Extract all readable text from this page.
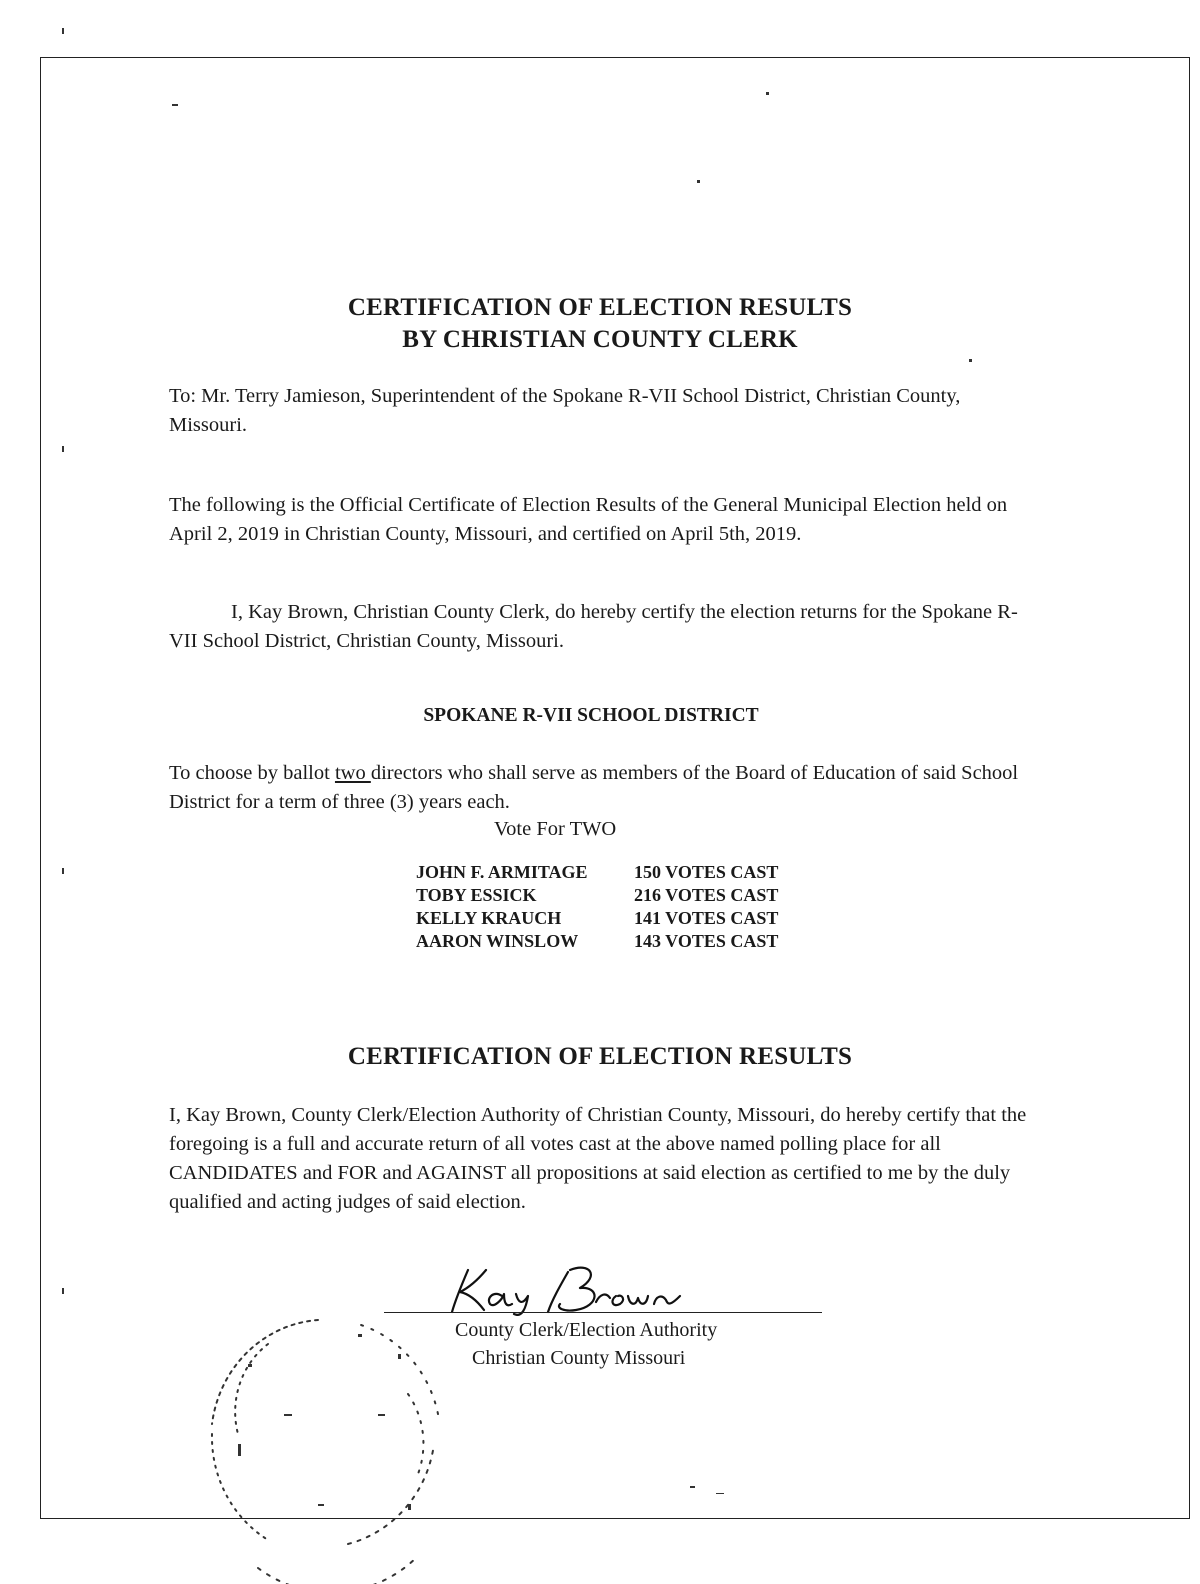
CERTIFICATION OF ELECTION RESULTS
BY CHRISTIAN COUNTY CLERK
To: Mr. Terry Jamieson, Superintendent of the Spokane R-VII School District, Christian County, Missouri.
The following is the Official Certificate of Election Results of the General Municipal Election held on April 2, 2019 in Christian County, Missouri, and certified on April 5th, 2019.
I, Kay Brown, Christian County Clerk, do hereby certify the election returns for the Spokane R-VII School District, Christian County, Missouri.
SPOKANE R-VII SCHOOL DISTRICT
To choose by ballot two directors who shall serve as members of the Board of Education of said School District for a term of three (3) years each.
Vote For TWO
JOHN F. ARMITAGE	150 VOTES CAST
TOBY ESSICK	216 VOTES CAST
KELLY KRAUCH	141 VOTES CAST
AARON WINSLOW	143 VOTES CAST
CERTIFICATION OF ELECTION RESULTS
I, Kay Brown, County Clerk/Election Authority of Christian County, Missouri, do hereby certify that the foregoing is a full and accurate return of all votes cast at the above named polling place for all CANDIDATES and FOR and AGAINST all propositions at said election as certified to me by the duly qualified and acting judges of said election.
County Clerk/Election Authority
Christian County Missouri
